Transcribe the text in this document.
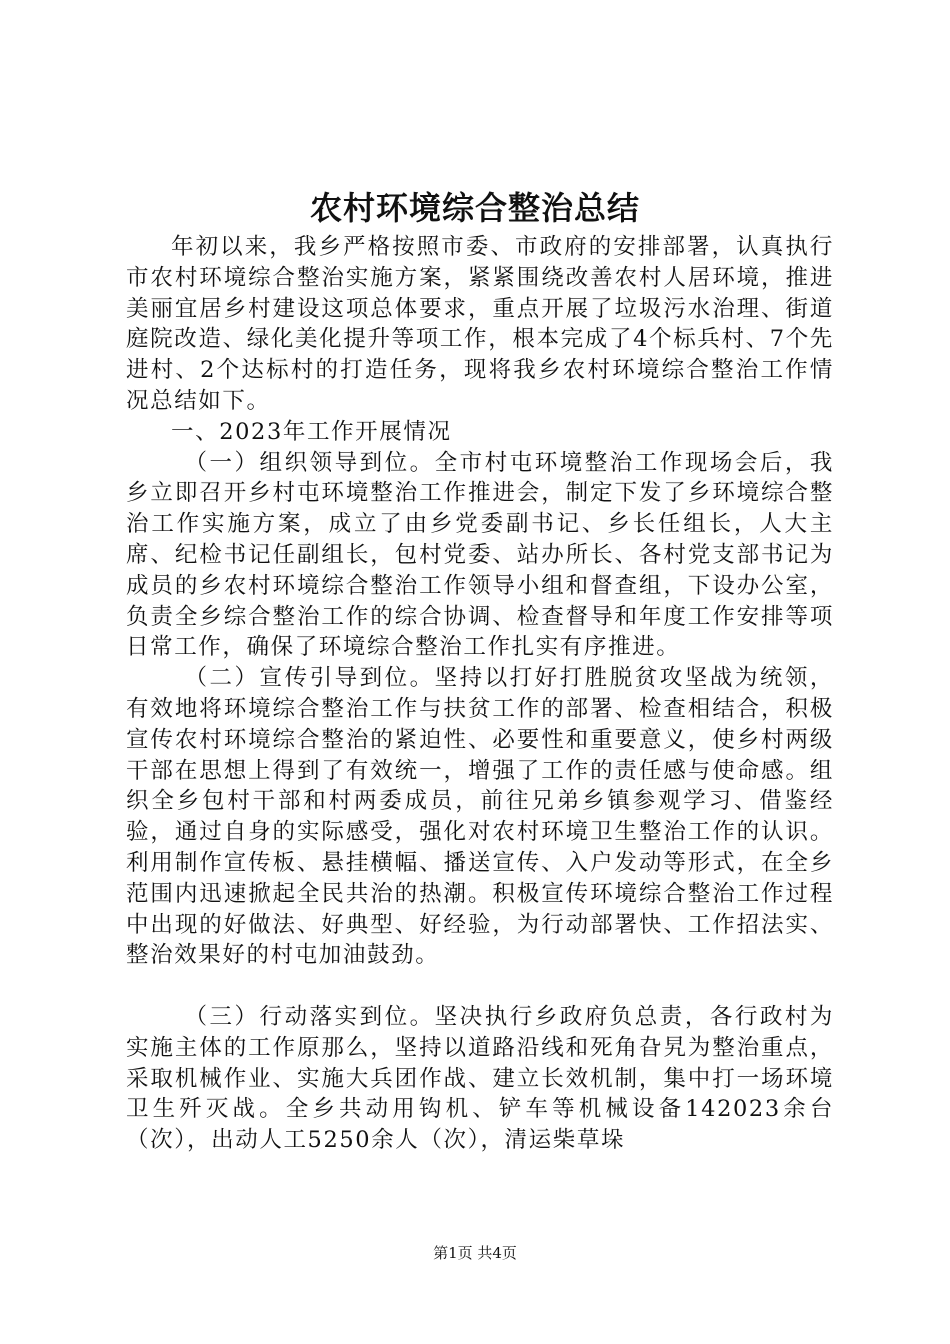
农村环境综合整治总结

年初以来，我乡严格按照市委、市政府的安排部署，认真执行市农村环境综合整治实施方案，紧紧围绕改善农村人居环境，推进美丽宜居乡村建设这项总体要求，重点开展了垃圾污水治理、街道庭院改造、绿化美化提升等项工作，根本完成了4个标兵村、7个先进村、2个达标村的打造任务，现将我乡农村环境综合整治工作情况总结如下。

一、2023年工作开展情况

（一）组织领导到位。全市村屯环境整治工作现场会后，我乡立即召开乡村屯环境整治工作推进会，制定下发了乡环境综合整治工作实施方案，成立了由乡党委副书记、乡长任组长，人大主席、纪检书记任副组长，包村党委、站办所长、各村党支部书记为成员的乡农村环境综合整治工作领导小组和督查组，下设办公室，负责全乡综合整治工作的综合协调、检查督导和年度工作安排等项日常工作，确保了环境综合整治工作扎实有序推进。

（二）宣传引导到位。坚持以打好打胜脱贫攻坚战为统领，有效地将环境综合整治工作与扶贫工作的部署、检查相结合，积极宣传农村环境综合整治的紧迫性、必要性和重要意义，使乡村两级干部在思想上得到了有效统一，增强了工作的责任感与使命感。组织全乡包村干部和村两委成员，前往兄弟乡镇参观学习、借鉴经验，通过自身的实际感受，强化对农村环境卫生整治工作的认识。利用制作宣传板、悬挂横幅、播送宣传、入户发动等形式，在全乡范围内迅速掀起全民共治的热潮。积极宣传环境综合整治工作过程中出现的好做法、好典型、好经验，为行动部署快、工作招法实、整治效果好的村屯加油鼓劲。

（三）行动落实到位。坚决执行乡政府负总责，各行政村为实施主体的工作原那么，坚持以道路沿线和死角旮旯为整治重点，采取机械作业、实施大兵团作战、建立长效机制，集中打一场环境卫生歼灭战。全乡共动用钩机、铲车等机械设备142023余台（次），出动人工5250余人（次），清运柴草垛

第1页 共4页
